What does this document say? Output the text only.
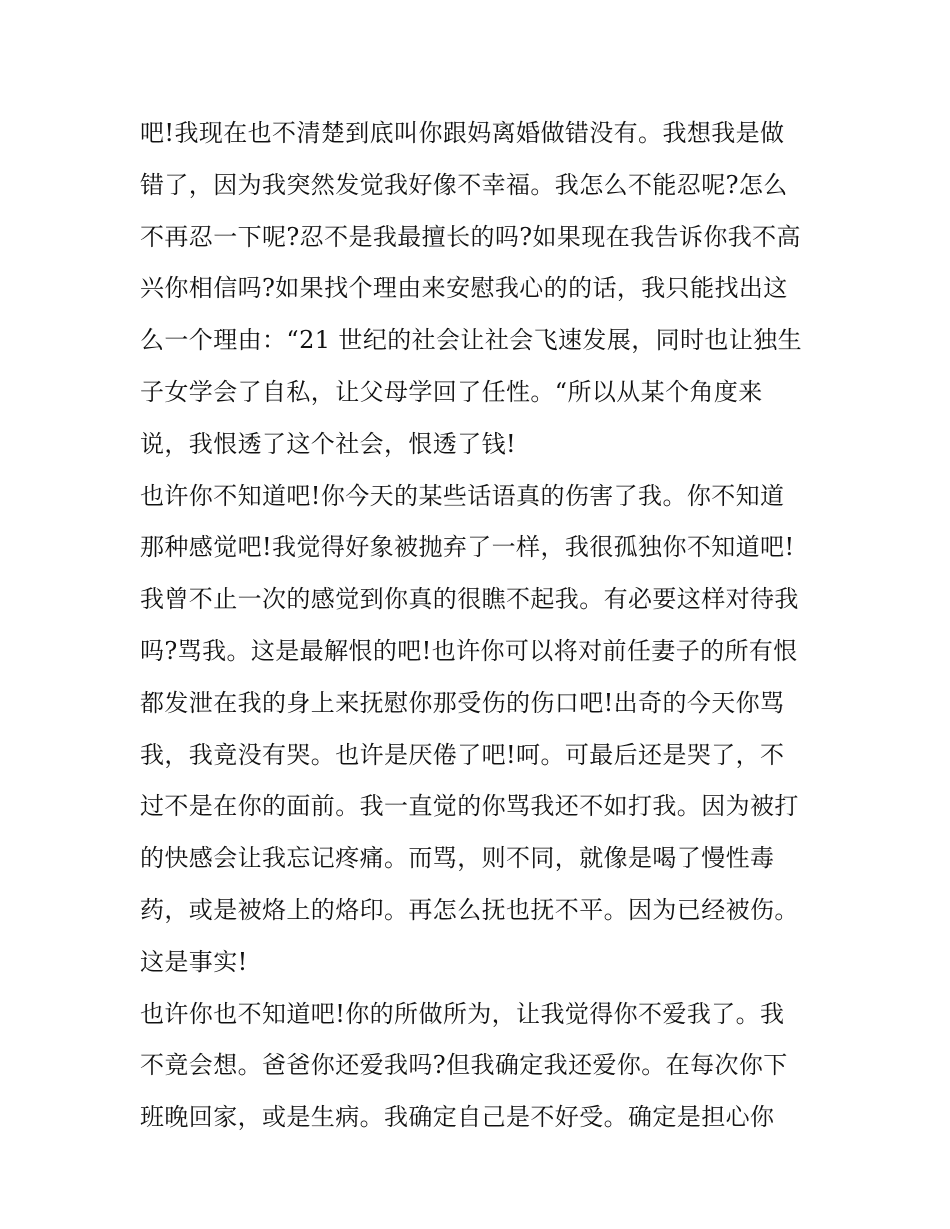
吧!我现在也不清楚到底叫你跟妈离婚做错没有。我想我是做
错了，因为我突然发觉我好像不幸福。我怎么不能忍呢?怎么
不再忍一下呢?忍不是我最擅长的吗?如果现在我告诉你我不高
兴你相信吗?如果找个理由来安慰我心的的话，我只能找出这
么一个理由：“21 世纪的社会让社会飞速发展，同时也让独生
子女学会了自私，让父母学回了任性。“所以从某个角度来
说，我恨透了这个社会，恨透了钱!
也许你不知道吧!你今天的某些话语真的伤害了我。你不知道
那种感觉吧!我觉得好象被抛弃了一样，我很孤独你不知道吧!
我曾不止一次的感觉到你真的很瞧不起我。有必要这样对待我
吗?骂我。这是最解恨的吧!也许你可以将对前任妻子的所有恨
都发泄在我的身上来抚慰你那受伤的伤口吧!出奇的今天你骂
我，我竟没有哭。也许是厌倦了吧!呵。可最后还是哭了，不
过不是在你的面前。我一直觉的你骂我还不如打我。因为被打
的快感会让我忘记疼痛。而骂，则不同，就像是喝了慢性毒
药，或是被烙上的烙印。再怎么抚也抚不平。因为已经被伤。
这是事实!
也许你也不知道吧!你的所做所为，让我觉得你不爱我了。我
不竟会想。爸爸你还爱我吗?但我确定我还爱你。在每次你下
班晚回家，或是生病。我确定自己是不好受。确定是担心你
